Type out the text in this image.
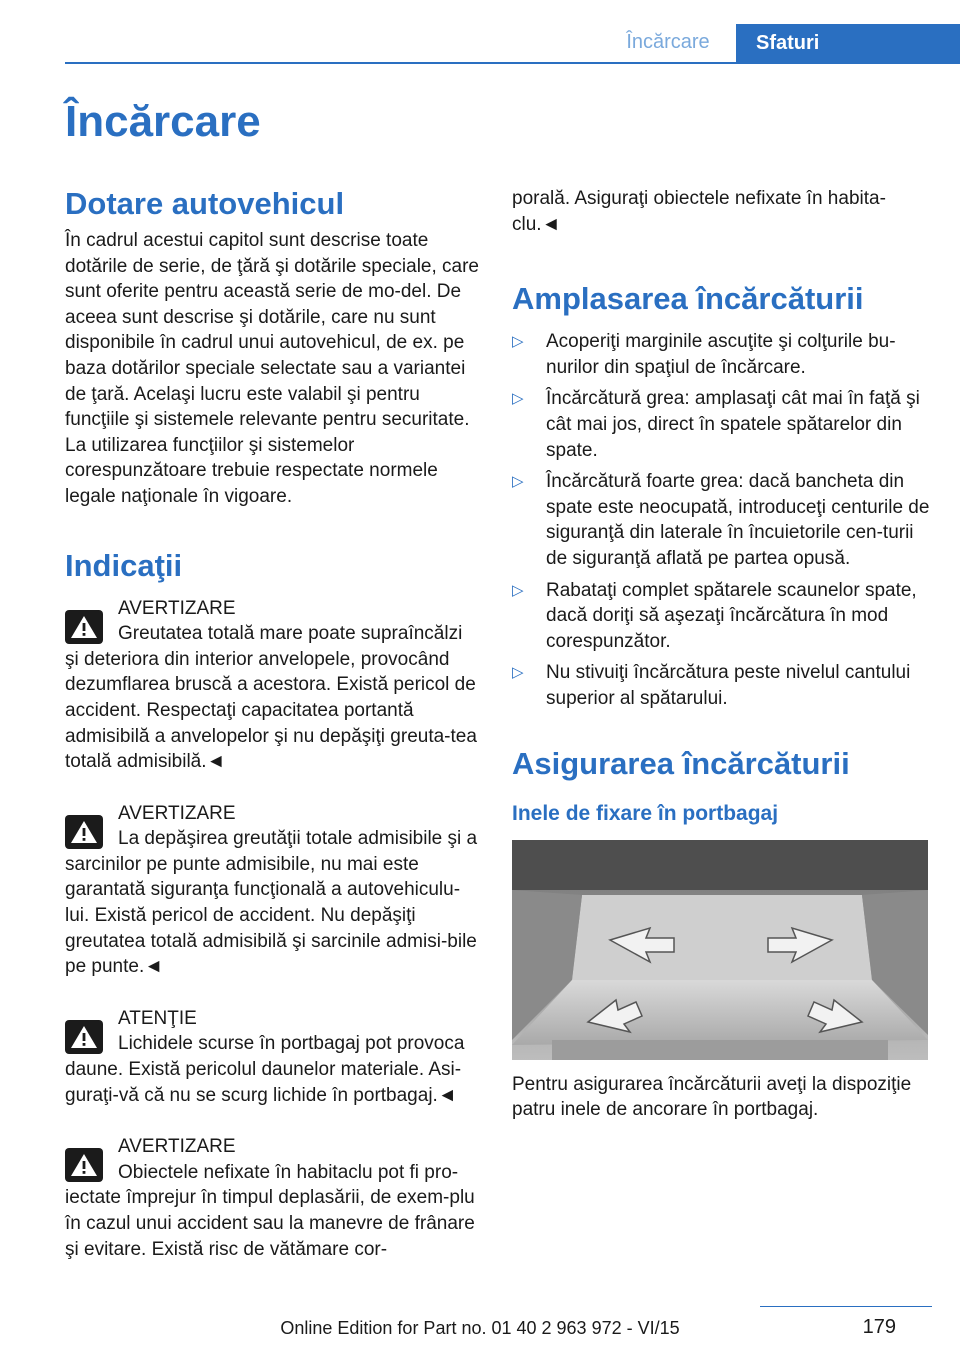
Încărcare	Sfaturi
Încărcare
Dotare autovehicul

În cadrul acestui capitol sunt descrise toate dotările de serie, de ţără şi dotările speciale, care sunt oferite pentru această serie de mo‐del. De aceea sunt descrise şi dotările, care nu sunt disponibile în cadrul unui autovehicul, de ex. pe baza dotărilor speciale selectate sau a variantei de ţară. Acelaşi lucru este valabil şi pentru funcţiile şi sistemele relevante pentru securitate. La utilizarea funcţiilor şi sistemelor corespunzătoare trebuie respectate normele legale naţionale în vigoare.

Indicaţii
AVERTIZARE

Greutatea totală mare poate supraîncălzi şi deteriora din interior anvelopele, provocând dezumflarea bruscă a acestora. Există pericol de accident. Respectaţi capacitatea portantă admisibilă a anvelopelor şi nu depăşiţi greuta‐tea totală admisibilă.◄

AVERTIZARE

La depăşirea greutăţii totale admisibile şi a sarcinilor pe punte admisibile, nu mai este garantată siguranţa funcţională a autovehiculu‐lui. Există pericol de accident. Nu depăşiţi greutatea totală admisibilă şi sarcinile admisi‐bile pe punte.◄

ATENŢIE

Lichidele scurse în portbagaj pot provoca daune. Există pericolul daunelor materiale. Asi‐guraţi-vă că nu se scurg lichide în portbagaj.◄

AVERTIZARE

Obiectele nefixate în habitaclu pot fi pro‐iectate împrejur în timpul deplasării, de exem‐plu în cazul unui accident sau la manevre de frânare şi evitare. Există risc de vătămare cor‐

porală. Asiguraţi obiectele nefixate în habita‐clu.◄

Amplasarea încărcăturii
▷ Acoperiţi marginile ascuţite şi colţurile bu‐nurilor din spaţiul de încărcare.
▷ Încărcătură grea: amplasaţi cât mai în faţă şi cât mai jos, direct în spatele spătarelor din spate.
▷ Încărcătură foarte grea: dacă bancheta din spate este neocupată, introduceţi centurile de siguranţă din laterale în încuietorile cen‐turii de siguranţă aflată pe partea opusă.
▷ Rabataţi complet spătarele scaunelor spate, dacă doriţi să aşezaţi încărcătura în mod corespunzător.
▷ Nu stivuiţi încărcătura peste nivelul cantului superior al spătarului.
Asigurarea încărcăturii
Inele de fixare în portbagaj

Pentru asigurarea încărcăturii aveţi la dispoziţie patru inele de ancorare în portbagaj.

179
Online Edition for Part no. 01 40 2 963 972 - VI/15
